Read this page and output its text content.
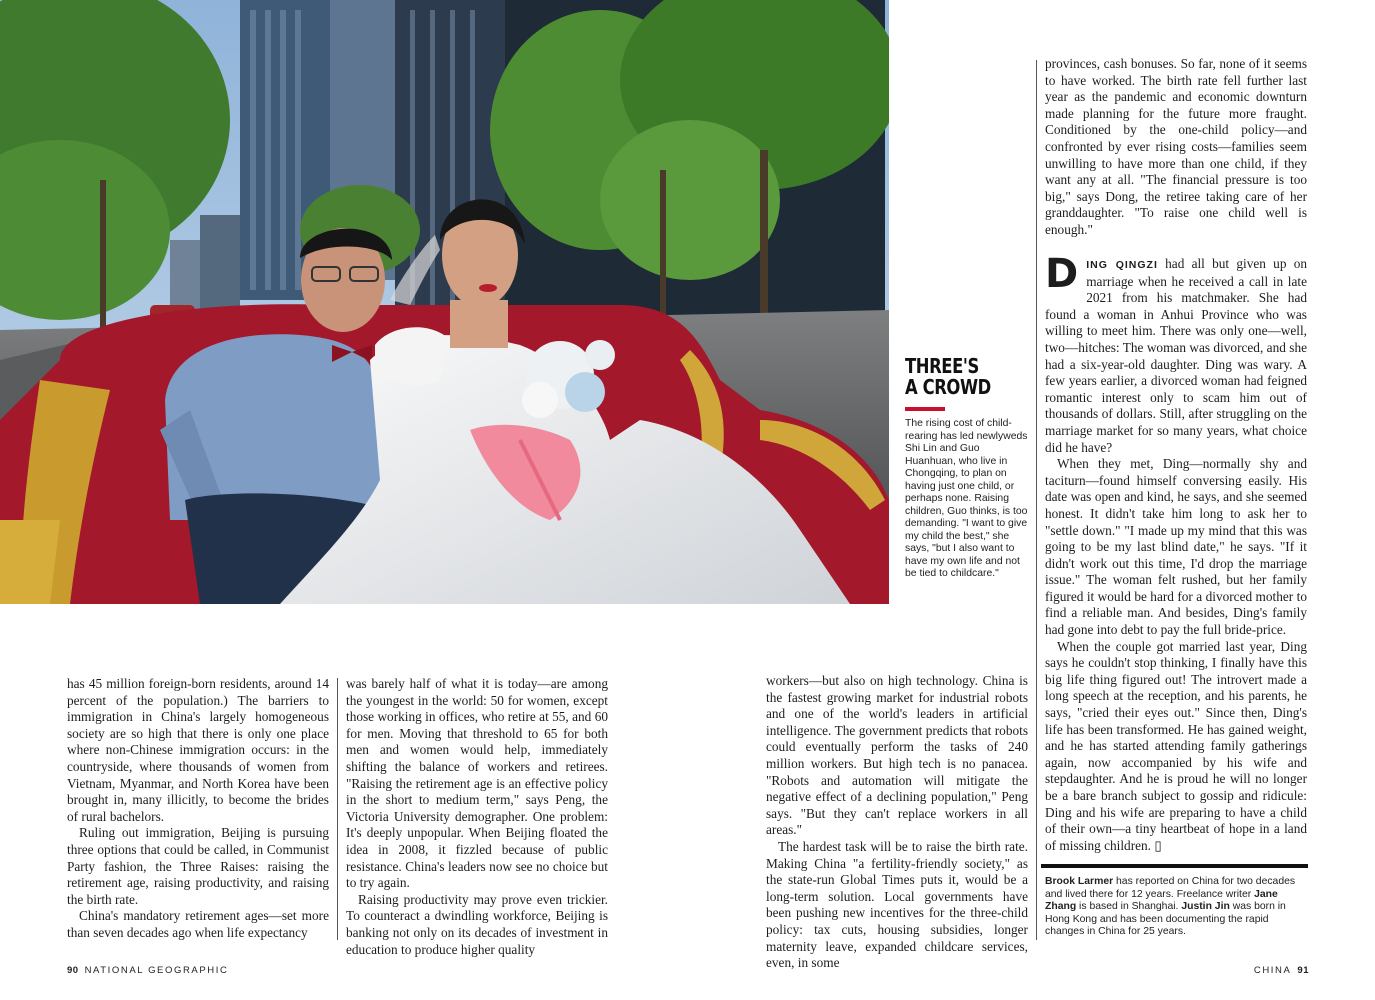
THREE'S
A CROWD
The rising cost of child-rearing has led newlyweds Shi Lin and Guo Huanhuan, who live in Chongqing, to plan on having just one child, or perhaps none. Raising children, Guo thinks, is too demanding. "I want to give my child the best," she says, "but I also want to have my own life and not be tied to childcare."

has 45 million foreign-born residents, around 14 percent of the population.) The barriers to immigration in China's largely homogeneous society are so high that there is only one place where non-Chinese immigration occurs: in the countryside, where thousands of women from Vietnam, Myanmar, and North Korea have been brought in, many illicitly, to become the brides of rural bachelors.

Ruling out immigration, Beijing is pursuing three options that could be called, in Communist Party fashion, the Three Raises: raising the retirement age, raising productivity, and raising the birth rate.

China's mandatory retirement ages—set more than seven decades ago when life expectancy

was barely half of what it is today—are among the youngest in the world: 50 for women, except those working in offices, who retire at 55, and 60 for men. Moving that threshold to 65 for both men and women would help, immediately shifting the balance of workers and retirees. "Raising the retirement age is an effective policy in the short to medium term," says Peng, the Victoria University demographer. One problem: It's deeply unpopular. When Beijing floated the idea in 2008, it fizzled because of public resistance. China's leaders now see no choice but to try again.

Raising productivity may prove even trickier. To counteract a dwindling workforce, Beijing is banking not only on its decades of investment in education to produce higher quality

workers—but also on high technology. China is the fastest growing market for industrial robots and one of the world's leaders in artificial intelligence. The government predicts that robots could eventually perform the tasks of 240 million workers. But high tech is no panacea. "Robots and automation will mitigate the negative effect of a declining population," Peng says. "But they can't replace workers in all areas."

The hardest task will be to raise the birth rate. Making China "a fertility-friendly society," as the state-run Global Times puts it, would be a long-term solution. Local governments have been pushing new incentives for the three-child policy: tax cuts, housing subsidies, longer maternity leave, expanded childcare services, even, in some

provinces, cash bonuses. So far, none of it seems to have worked. The birth rate fell further last year as the pandemic and economic downturn made planning for the future more fraught. Conditioned by the one-child policy—and confronted by ever rising costs—families seem unwilling to have more than one child, if they want any at all. "The financial pressure is too big," says Dong, the retiree taking care of her granddaughter. "To raise one child well is enough."

DING QINGZI had all but given up on marriage when he received a call in late 2021 from his matchmaker. She had found a woman in Anhui Province who was willing to meet him. There was only one—well, two—hitches: The woman was divorced, and she had a six-year-old daughter. Ding was wary. A few years earlier, a divorced woman had feigned romantic interest only to scam him out of thousands of dollars. Still, after struggling on the marriage market for so many years, what choice did he have?

When they met, Ding—normally shy and taciturn—found himself conversing easily. His date was open and kind, he says, and she seemed honest. It didn't take him long to ask her to "settle down." "I made up my mind that this was going to be my last blind date," he says. "If it didn't work out this time, I'd drop the marriage issue." The woman felt rushed, but her family figured it would be hard for a divorced mother to find a reliable man. And besides, Ding's family had gone into debt to pay the full bride-price.

When the couple got married last year, Ding says he couldn't stop thinking, I finally have this big life thing figured out! The introvert made a long speech at the reception, and his parents, he says, "cried their eyes out." Since then, Ding's life has been transformed. He has gained weight, and he has started attending family gatherings again, now accompanied by his wife and stepdaughter. And he is proud he will no longer be a bare branch subject to gossip and ridicule: Ding and his wife are preparing to have a child of their own—a tiny heartbeat of hope in a land of missing children. ▯

Brook Larmer has reported on China for two decades and lived there for 12 years. Freelance writer Jane Zhang is based in Shanghai. Justin Jin was born in Hong Kong and has been documenting the rapid changes in China for 25 years.
90 NATIONAL GEOGRAPHIC	CHINA 91
